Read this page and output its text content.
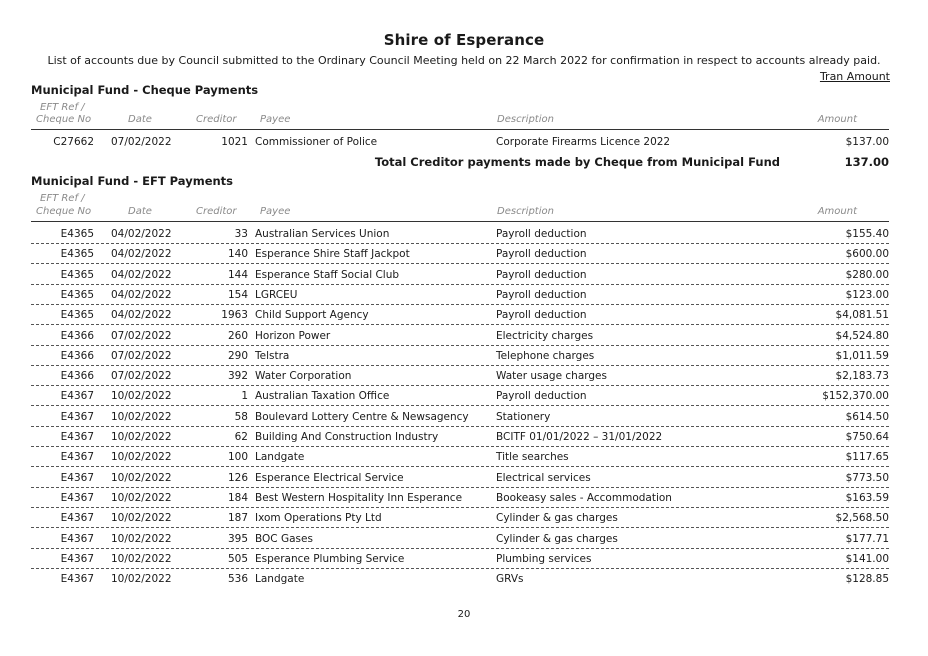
Shire of Esperance
List of accounts due by Council submitted to the Ordinary Council Meeting held on 22 March 2022 for confirmation in respect to accounts already paid.
Tran Amount
Municipal Fund - Cheque Payments
EFT Ref /
Cheque No	Date	Creditor Payee	Description	Amount
C27662 07/02/2022	1021 Commissioner of Police	Corporate Firearms Licence 2022	$137.00
Total Creditor payments made by Cheque from Municipal Fund	137.00
Municipal Fund - EFT Payments
EFT Ref /
Cheque No	Date	Creditor Payee	Description	Amount
E4365 04/02/2022	33 Australian Services Union	Payroll deduction	$155.40
E4365 04/02/2022	140 Esperance Shire Staff Jackpot	Payroll deduction	$600.00
E4365 04/02/2022	144 Esperance Staff Social Club	Payroll deduction	$280.00
E4365 04/02/2022	154 LGRCEU	Payroll deduction	$123.00
E4365 04/02/2022	1963 Child Support Agency	Payroll deduction	$4,081.51
E4366 07/02/2022	260 Horizon Power	Electricity charges	$4,524.80
E4366 07/02/2022	290 Telstra	Telephone charges	$1,011.59
E4366 07/02/2022	392 Water Corporation	Water usage charges	$2,183.73
E4367 10/02/2022	1 Australian Taxation Office	Payroll deduction	$152,370.00
E4367 10/02/2022	58 Boulevard Lottery Centre & Newsagency	Stationery	$614.50
E4367 10/02/2022	62 Building And Construction Industry	BCITF 01/01/2022 – 31/01/2022	$750.64
E4367 10/02/2022	100 Landgate	Title searches	$117.65
E4367 10/02/2022	126 Esperance Electrical Service	Electrical services	$773.50
E4367 10/02/2022	184 Best Western Hospitality Inn Esperance	Bookeasy sales - Accommodation	$163.59
E4367 10/02/2022	187 Ixom Operations Pty Ltd	Cylinder & gas charges	$2,568.50
E4367 10/02/2022	395 BOC Gases	Cylinder & gas charges	$177.71
E4367 10/02/2022	505 Esperance Plumbing Service	Plumbing services	$141.00
E4367 10/02/2022	536 Landgate	GRVs	$128.85
20
